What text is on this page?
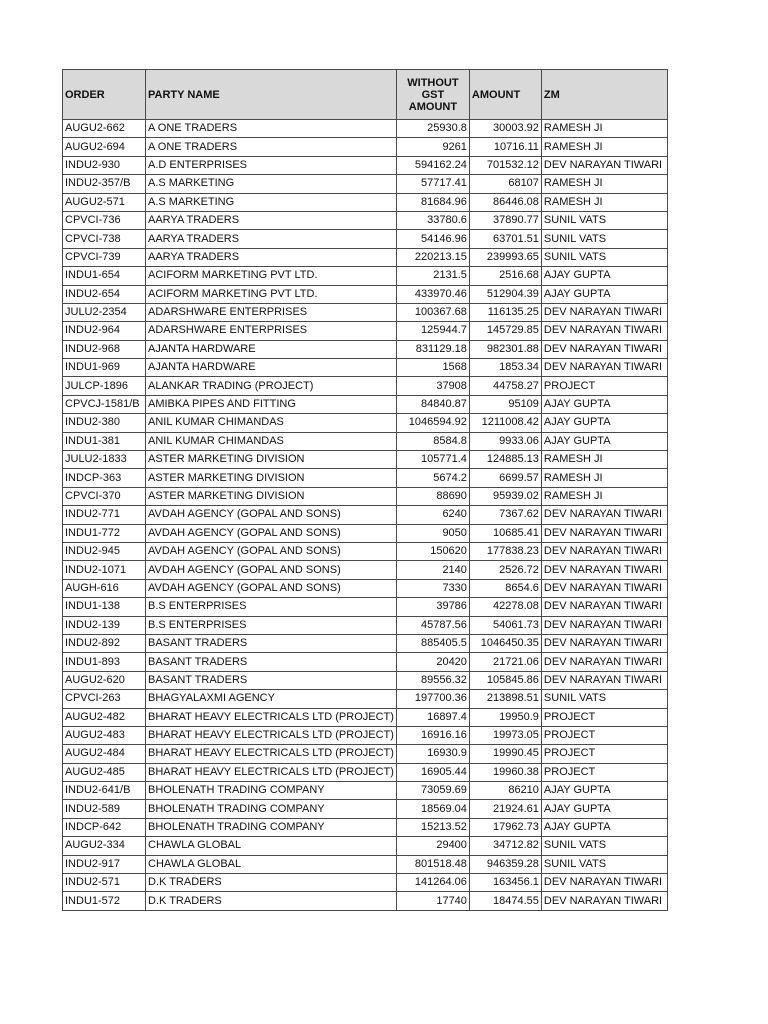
ORDER	PARTY NAME	WITHOUT GST AMOUNT	AMOUNT	ZM
AUGU2-662	A ONE TRADERS	25930.8	30003.92	RAMESH JI
AUGU2-694	A ONE TRADERS	9261	10716.11	RAMESH JI
INDU2-930	A.D ENTERPRISES	594162.24	701532.12	DEV NARAYAN TIWARI
INDU2-357/B	A.S MARKETING	57717.41	68107	RAMESH JI
AUGU2-571	A.S MARKETING	81684.96	86446.08	RAMESH JI
CPVCI-736	AARYA TRADERS	33780.6	37890.77	SUNIL VATS
CPVCI-738	AARYA TRADERS	54146.96	63701.51	SUNIL VATS
CPVCI-739	AARYA TRADERS	220213.15	239993.65	SUNIL VATS
INDU1-654	ACIFORM MARKETING PVT LTD.	2131.5	2516.68	AJAY GUPTA
INDU2-654	ACIFORM MARKETING PVT LTD.	433970.46	512904.39	AJAY GUPTA
JULU2-2354	ADARSHWARE ENTERPRISES	100367.68	116135.25	DEV NARAYAN TIWARI
INDU2-964	ADARSHWARE ENTERPRISES	125944.7	145729.85	DEV NARAYAN TIWARI
INDU2-968	AJANTA HARDWARE	831129.18	982301.88	DEV NARAYAN TIWARI
INDU1-969	AJANTA HARDWARE	1568	1853.34	DEV NARAYAN TIWARI
JULCP-1896	ALANKAR TRADING (PROJECT)	37908	44758.27	PROJECT
CPVCJ-1581/B	AMIBKA PIPES AND FITTING	84840.87	95109	AJAY GUPTA
INDU2-380	ANIL KUMAR CHIMANDAS	1046594.92	1211008.42	AJAY GUPTA
INDU1-381	ANIL KUMAR CHIMANDAS	8584.8	9933.06	AJAY GUPTA
JULU2-1833	ASTER MARKETING DIVISION	105771.4	124885.13	RAMESH JI
INDCP-363	ASTER MARKETING DIVISION	5674.2	6699.57	RAMESH JI
CPVCI-370	ASTER MARKETING DIVISION	88690	95939.02	RAMESH JI
INDU2-771	AVDAH AGENCY (GOPAL AND SONS)	6240	7367.62	DEV NARAYAN TIWARI
INDU1-772	AVDAH AGENCY (GOPAL AND SONS)	9050	10685.41	DEV NARAYAN TIWARI
INDU2-945	AVDAH AGENCY (GOPAL AND SONS)	150620	177838.23	DEV NARAYAN TIWARI
INDU2-1071	AVDAH AGENCY (GOPAL AND SONS)	2140	2526.72	DEV NARAYAN TIWARI
AUGH-616	AVDAH AGENCY (GOPAL AND SONS)	7330	8654.6	DEV NARAYAN TIWARI
INDU1-138	B.S ENTERPRISES	39786	42278.08	DEV NARAYAN TIWARI
INDU2-139	B.S ENTERPRISES	45787.56	54061.73	DEV NARAYAN TIWARI
INDU2-892	BASANT TRADERS	885405.5	1046450.35	DEV NARAYAN TIWARI
INDU1-893	BASANT TRADERS	20420	21721.06	DEV NARAYAN TIWARI
AUGU2-620	BASANT TRADERS	89556.32	105845.86	DEV NARAYAN TIWARI
CPVCI-263	BHAGYALAXMI AGENCY	197700.36	213898.51	SUNIL VATS
AUGU2-482	BHARAT HEAVY ELECTRICALS LTD (PROJECT)	16897.4	19950.9	PROJECT
AUGU2-483	BHARAT HEAVY ELECTRICALS LTD (PROJECT)	16916.16	19973.05	PROJECT
AUGU2-484	BHARAT HEAVY ELECTRICALS LTD (PROJECT)	16930.9	19990.45	PROJECT
AUGU2-485	BHARAT HEAVY ELECTRICALS LTD (PROJECT)	16905.44	19960.38	PROJECT
INDU2-641/B	BHOLENATH TRADING COMPANY	73059.69	86210	AJAY GUPTA
INDU2-589	BHOLENATH TRADING COMPANY	18569.04	21924.61	AJAY GUPTA
INDCP-642	BHOLENATH TRADING COMPANY	15213.52	17962.73	AJAY GUPTA
AUGU2-334	CHAWLA GLOBAL	29400	34712.82	SUNIL VATS
INDU2-917	CHAWLA GLOBAL	801518.48	946359.28	SUNIL VATS
INDU2-571	D.K TRADERS	141264.06	163456.1	DEV NARAYAN TIWARI
INDU1-572	D.K TRADERS	17740	18474.55	DEV NARAYAN TIWARI
